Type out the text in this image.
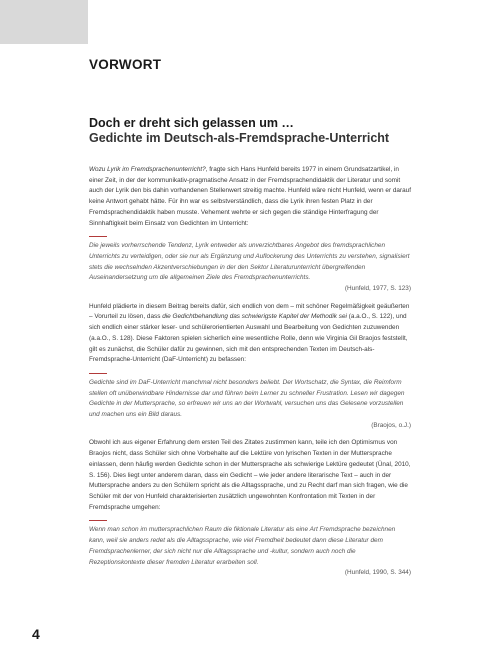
VORWORT
Doch er dreht sich gelassen um …
Gedichte im Deutsch-als-Fremdsprache-Unterricht

Wozu Lyrik im Fremdsprachenunterricht?, fragte sich Hans Hunfeld bereits 1977 in einem Grundsatzartikel, in einer Zeit, in der der kommunikativ-pragmatische Ansatz in der Fremdsprachendidaktik der Literatur und somit auch der Lyrik den bis dahin vorhandenen Stellenwert streitig machte. Hunfeld wäre nicht Hunfeld, wenn er darauf keine Antwort gehabt hätte. Für ihn war es selbstverständlich, dass die Lyrik ihren festen Platz in der Fremdsprachendidaktik haben musste. Vehement wehrte er sich gegen die ständige Hinterfragung der Sinnhaftigkeit beim Einsatz von Gedichten im Unterricht:

Die jeweils vorherrschende Tendenz, Lyrik entweder als unverzichtbares Angebot des fremdsprachlichen Unterrichts zu verteidigen, oder sie nur als Ergänzung und Auflockerung des Unterrichts zu verstehen, signalisiert stets die wechselnden Akzentverschiebungen in der den Sektor Literaturunterricht übergreifenden Auseinandersetzung um die allgemeinen Ziele des Fremdsprachenunterrichts.
(Hunfeld, 1977, S. 123)

Hunfeld plädierte in diesem Beitrag bereits dafür, sich endlich von dem – mit schöner Regelmäßigkeit geäußerten – Vorurteil zu lösen, dass die Gedichtbehandlung das schwierigste Kapitel der Methodik sei (a.a.O., S. 122), und sich endlich einer stärker leser- und schülerorientierten Auswahl und Bearbeitung von Gedichten zuzuwenden (a.a.O., S. 128). Diese Faktoren spielen sicherlich eine wesentliche Rolle, denn wie Virginia Gil Braojos feststellt, gilt es zunächst, die Schüler dafür zu gewinnen, sich mit den entsprechenden Texten im Deutsch-als-Fremdsprache-Unterricht (DaF-Unterricht) zu befassen:

Gedichte sind im DaF-Unterricht manchmal nicht besonders beliebt. Der Wortschatz, die Syntax, die Reimform stellen oft unüberwindbare Hindernisse dar und führen beim Lerner zu schneller Frustration. Lesen wir dagegen Gedichte in der Muttersprache, so erfreuen wir uns an der Wortwahl, versuchen uns das Gelesene vorzustellen und machen uns ein Bild daraus.
(Braojos, o.J.)

Obwohl ich aus eigener Erfahrung dem ersten Teil des Zitates zustimmen kann, teile ich den Optimismus von Braojos nicht, dass Schüler sich ohne Vorbehalte auf die Lektüre von lyrischen Texten in der Muttersprache einlassen, denn häufig werden Gedichte schon in der Muttersprache als schwierige Lektüre gedeutet (Ünal, 2010, S. 156). Dies liegt unter anderem daran, dass ein Gedicht – wie jeder andere literarische Text – auch in der Muttersprache anders zu den Schülern spricht als die Alltagssprache, und zu Recht darf man sich fragen, wie die Schüler mit der von Hunfeld charakterisierten zusätzlich ungewohnten Konfrontation mit Texten in der Fremdsprache umgehen:

Wenn man schon im muttersprachlichen Raum die fiktionale Literatur als eine Art Fremdsprache bezeichnen kann, weil sie anders redet als die Alltagssprache, wie viel Fremdheit bedeutet dann diese Literatur dem Fremdsprachenlerner, der sich nicht nur die Alltagssprache und -kultur, sondern auch noch die Rezeptionskontexte dieser fremden Literatur erarbeiten soll.
(Hunfeld, 1990, S. 344)
4
